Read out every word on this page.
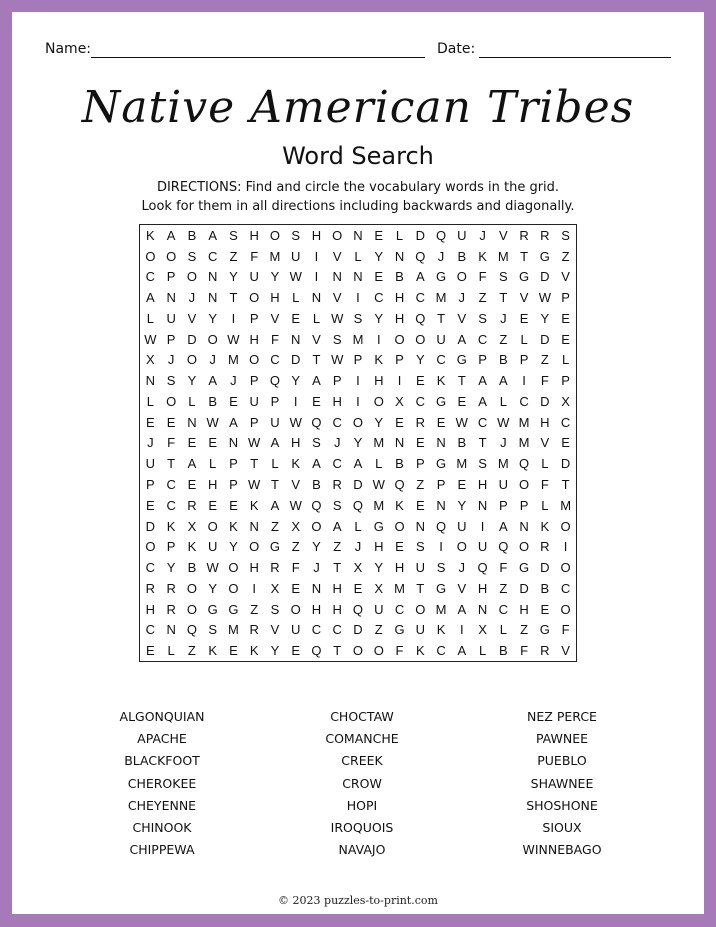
Name:	Date:
Native American Tribes
Word Search
DIRECTIONS: Find and circle the vocabulary words in the grid.
Look for them in all directions including backwards and diagonally.
K A B A S H O S H O N E L D Q U J	V R R S
O O S C Z F M U	I	V L Y N Q J	B K M T G Z
C P O N Y U Y W I	N N E B A G O F S G D V
A N J N T O H L N V	I	C H C M J	Z T V W P
L U V Y	I	P V E L W S Y H Q T V S	J	E Y E
W P D O W H F N V S M	I	O O U A C Z	L D E
X	J O J M O C D T W P K P Y C G P B P Z	L
N S Y A	J	P Q Y A P	I	H	I	E K T A A	I	F P
L O L B E U P	I	E H	I	O X C G E A L C D X
E E N W A P U W Q C O Y E R E W C W M H C
J	F E E N W A H S	J	Y M N E N B T	J M V E
U T A L P T	L K A C A L B P G M S M Q L D
P C E H P W T V B R D W Q Z P E H U O F T
E C R E E K A W Q S Q M K E N Y N P P L M
D K X O K N Z X O A L G O N Q U	I	A N K O
O P K U Y O G Z Y Z	J H E S	I	O U Q O R	I
C Y B W O H R F	J	T X Y H U S	J Q F G D O
R R O Y O	I	X E N H E X M T G V H Z D B C
H R O G G Z S O H H Q U C O M A N C H E O
C N Q S M R V U C C D Z G U K	I	X L	Z G F
E L	Z K E K Y E Q T O O F K C A L B F R V
ALGONQUIAN
APACHE
BLACKFOOT
CHEROKEE
CHEYENNE
CHINOOK
CHIPPEWA
CHOCTAW
COMANCHE
CREEK
CROW
HOPI
IROQUOIS
NAVAJO
NEZ PERCE
PAWNEE
PUEBLO
SHAWNEE
SHOSHONE
SIOUX
WINNEBAGO
© 2023 puzzles-to-print.com
